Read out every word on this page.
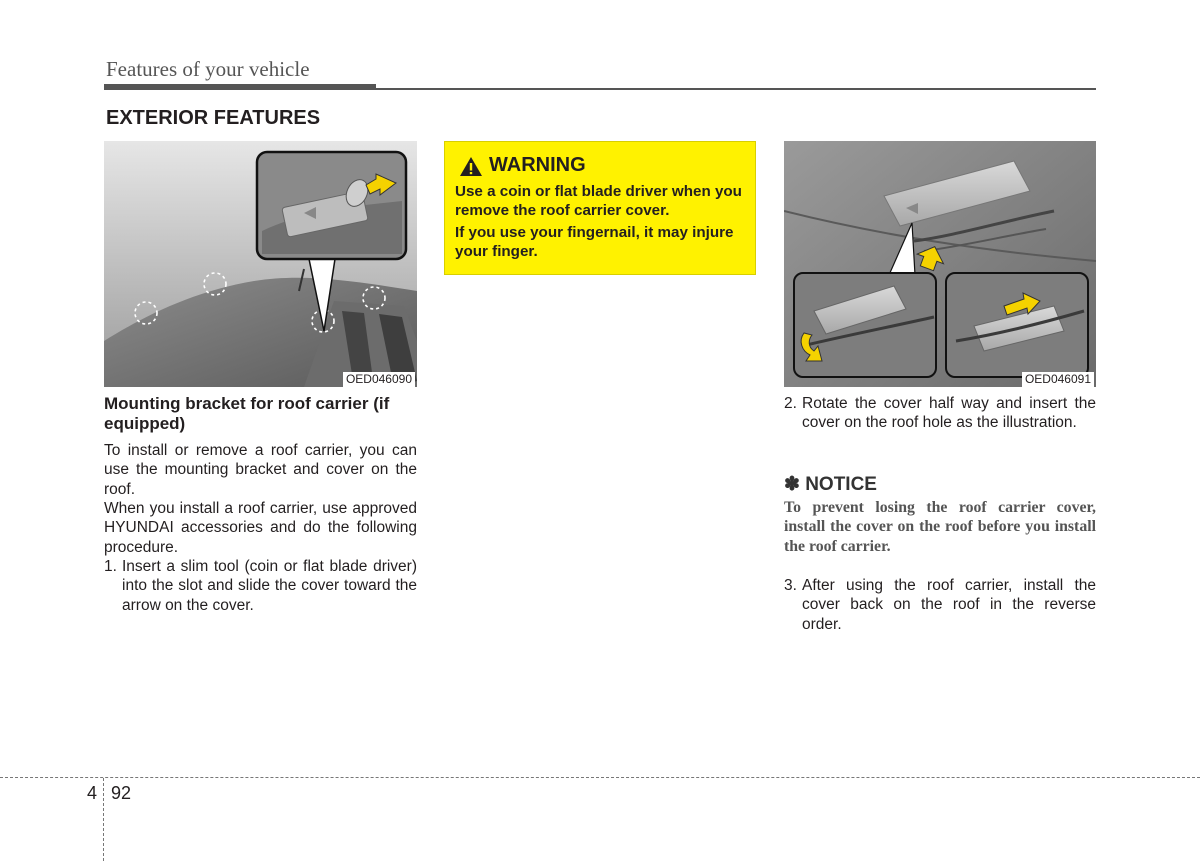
Features of your vehicle
EXTERIOR FEATURES
OED046090
Mounting bracket for roof carrier (if equipped)
To install or remove a roof carrier, you can use the mounting bracket and cover on the roof.
When you install a roof carrier, use approved HYUNDAI accessories and do the following procedure.
1. Insert a slim tool (coin or flat blade driver) into the slot and slide the cover toward the arrow on the cover.
WARNING
Use a coin or flat blade driver when you remove the roof carrier cover.
If you use your fingernail, it may injure your finger.
OED046091
2. Rotate the cover half way and insert the cover on the roof hole as the illustration.
✽ NOTICE
To prevent losing the roof carrier cover, install the cover on the roof before you install the roof carrier.
3. After using the roof carrier, install the cover back on the roof in the reverse order.
4 92
